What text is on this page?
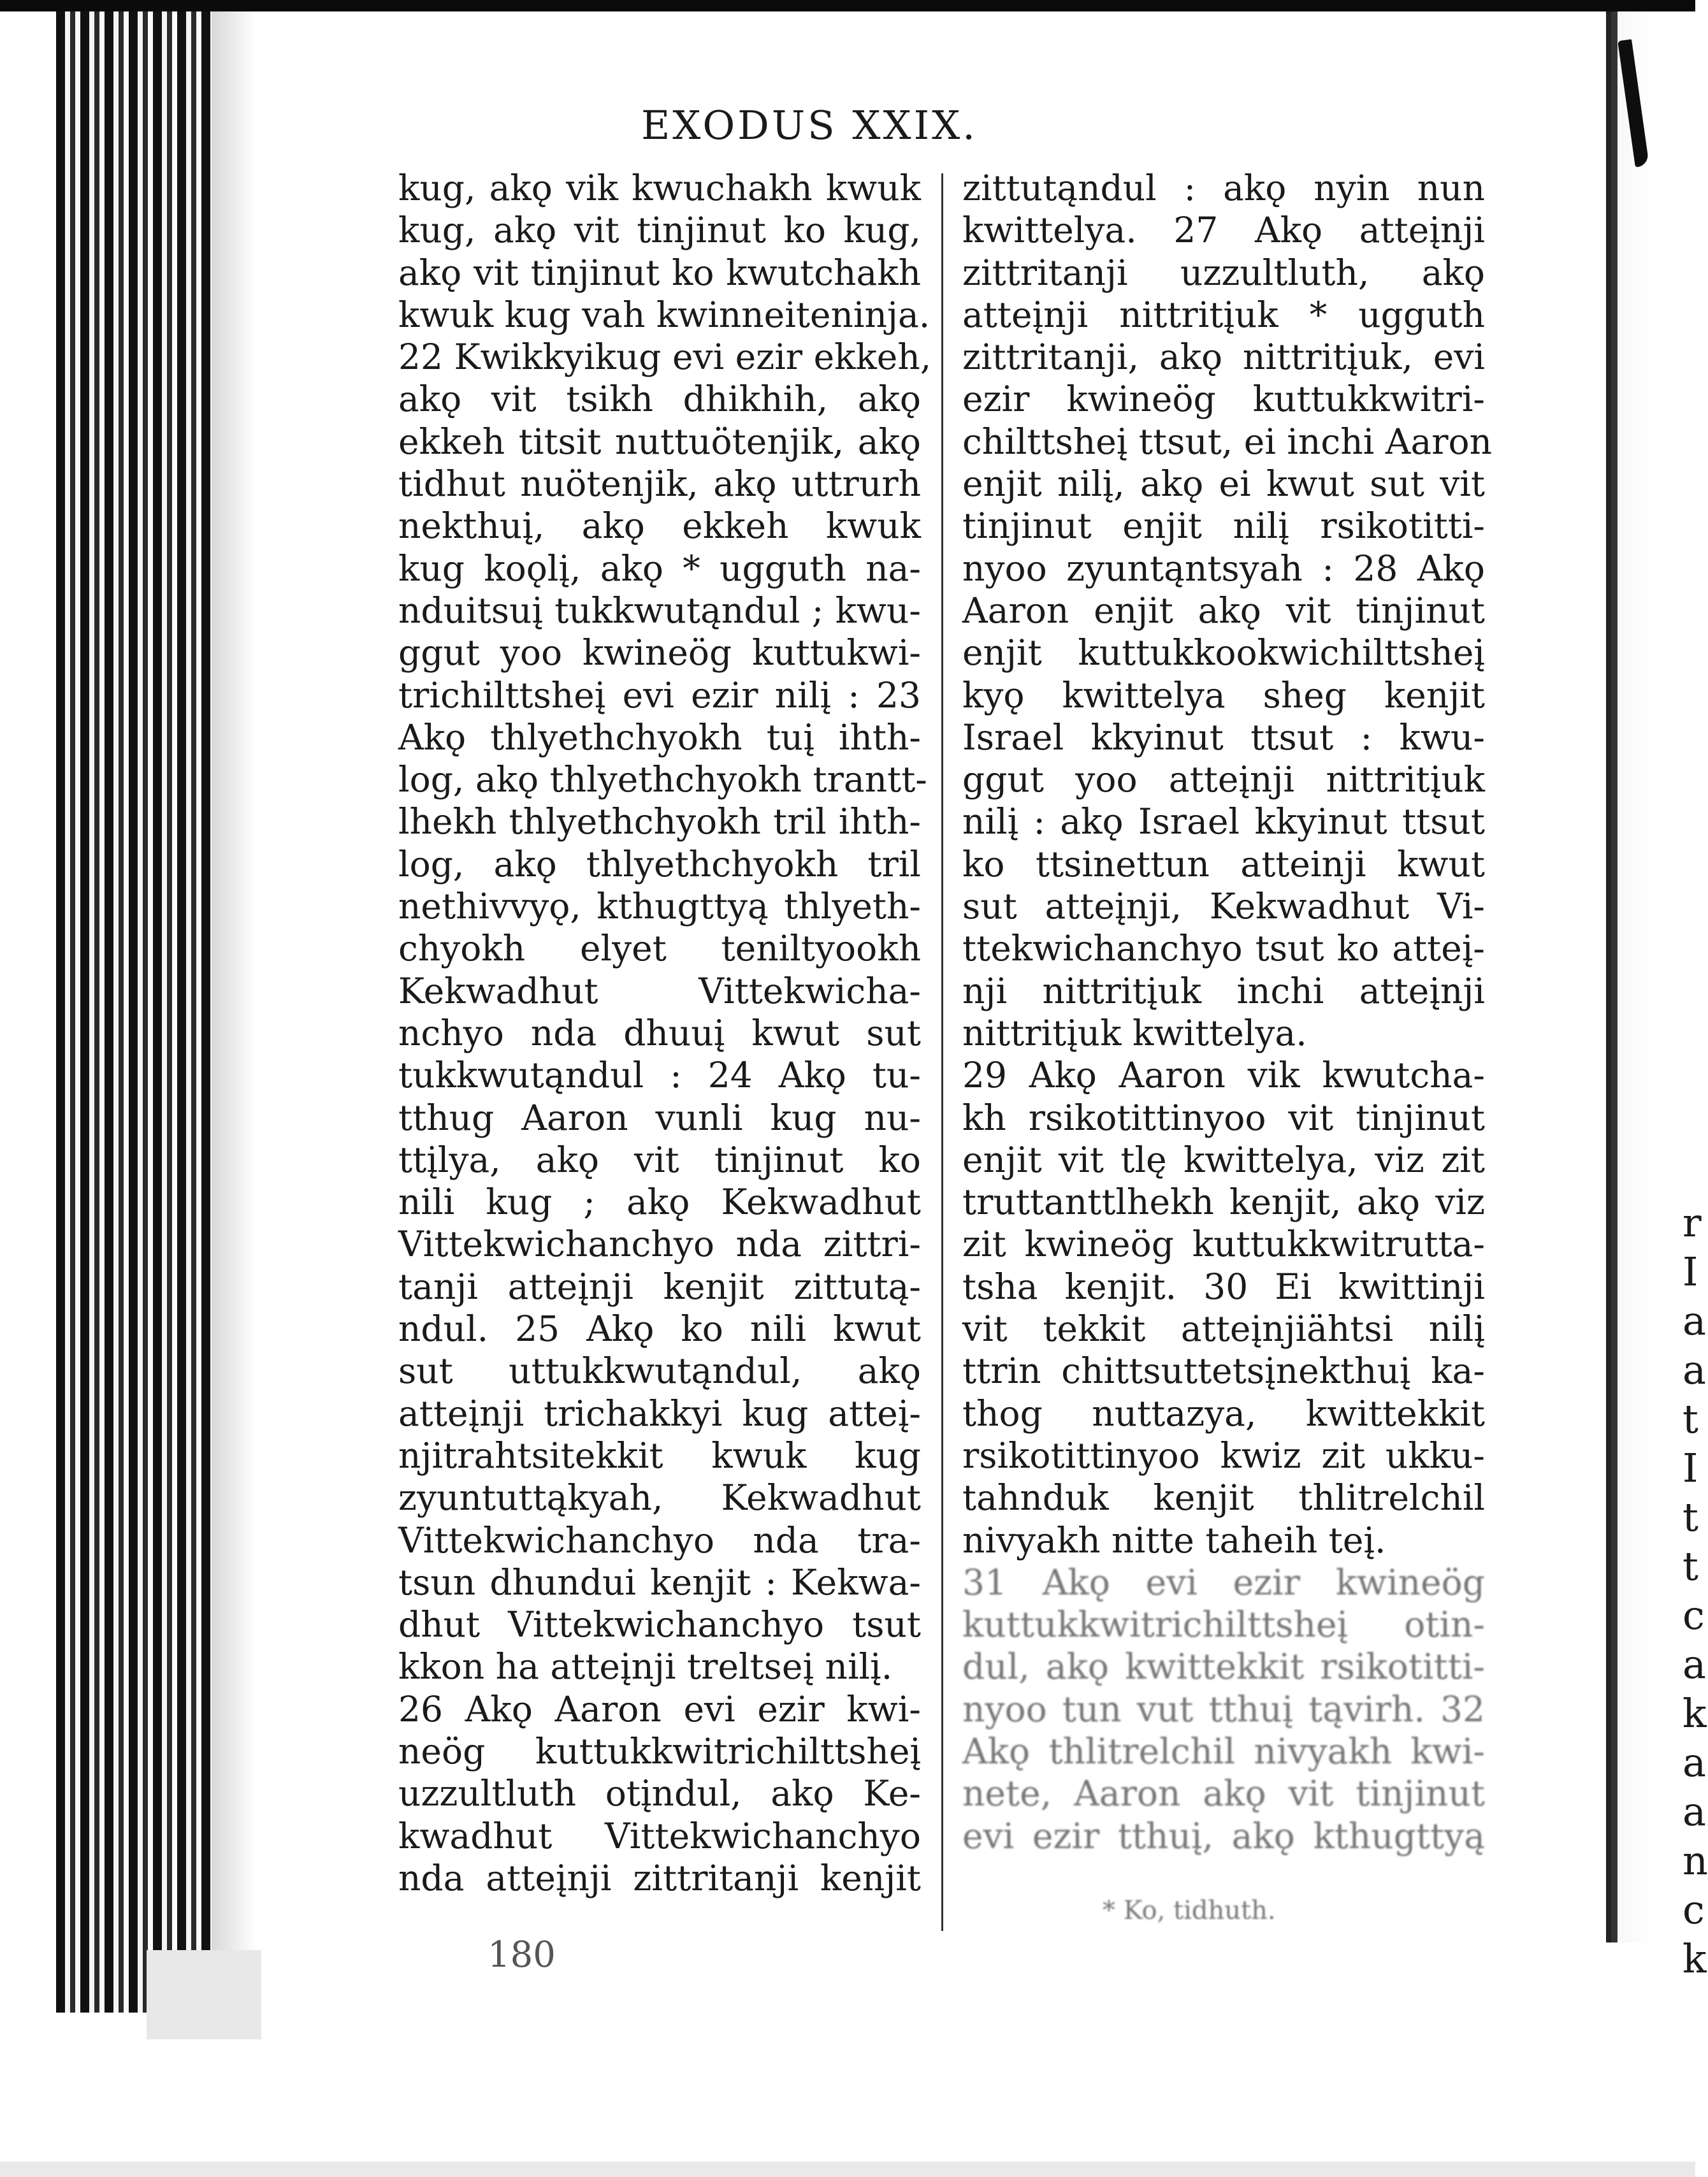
r
I
a
a
t
I
t
t
c
a
k
a
a
n
c
k
EXODUS XXIX.
kug, akǫ vik kwuchakh kwuk
kug, akǫ vit tinjinut ko kug,
akǫ vit tinjinut ko kwutchakh
kwuk kug vah kwinneiteninja.
22 Kwikkyikug evi ezir ekkeh,
akǫ vit tsikh dhikhih, akǫ
ekkeh titsit nuttuötenjik, akǫ
tidhut nuötenjik, akǫ uttrurh
nekthuį, akǫ ekkeh kwuk
kug koǫlį, akǫ * ugguth na-
nduitsuį tukkwutąndul ; kwu-
ggut yoo kwineög kuttukwi-
trichilttsheį evi ezir nilį : 23
Akǫ thlyethchyokh tuį ihth-
log, akǫ thlyethchyokh trantt-
lhekh thlyethchyokh tril ihth-
log, akǫ thlyethchyokh tril
nethivvyǫ, kthugttyą thlyeth-
chyokh elyet teniltyookh
Kekwadhut Vittekwicha-
nchyo nda dhuuį kwut sut
tukkwutąndul : 24 Akǫ tu-
tthug Aaron vunli kug nu-
ttįlya, akǫ vit tinjinut ko
nili kug ; akǫ Kekwadhut
Vittekwichanchyo nda zittri-
tanji atteįnji kenjit zittutą-
ndul. 25 Akǫ ko nili kwut
sut uttukkwutąndul, akǫ
atteįnji trichakkyi kug atteį-
njitrahtsitekkit kwuk kug
zyuntuttąkyah, Kekwadhut
Vittekwichanchyo nda tra-
tsun dhundui kenjit : Kekwa-
dhut Vittekwichanchyo tsut
kkon ha atteįnji treltseį nilį.
26 Akǫ Aaron evi ezir kwi-
neög kuttukkwitrichilttsheį
uzzultluth otįndul, akǫ Ke-
kwadhut Vittekwichanchyo
nda atteįnji zittritanji kenjit
zittutąndul : akǫ nyin nun
kwittelya. 27 Akǫ atteįnji
zittritanji uzzultluth, akǫ
atteįnji nittritįuk * ugguth
zittritanji, akǫ nittritįuk, evi
ezir kwineög kuttukkwitri-
chilttsheį ttsut, ei inchi Aaron
enjit nilį, akǫ ei kwut sut vit
tinjinut enjit nilį rsikotitti-
nyoo zyuntąntsyah : 28 Akǫ
Aaron enjit akǫ vit tinjinut
enjit kuttukkookwichilttsheį
kyǫ kwittelya sheg kenjit
Israel kkyinut ttsut : kwu-
ggut yoo atteįnji nittritįuk
nilį : akǫ Israel kkyinut ttsut
ko ttsinettun atteinji kwut
sut atteįnji, Kekwadhut Vi-
ttekwichanchyo tsut ko atteį-
nji nittritįuk inchi atteįnji
nittritįuk kwittelya.
29 Akǫ Aaron vik kwutcha-
kh rsikotittinyoo vit tinjinut
enjit vit tlę kwittelya, viz zit
truttanttlhekh kenjit, akǫ viz
zit kwineög kuttukkwitrutta-
tsha kenjit. 30 Ei kwittinji
vit tekkit atteįnjiähtsi nilį
ttrin chittsuttetsįnekthuį ka-
thog nuttazya, kwittekkit
rsikotittinyoo kwiz zit ukku-
tahnduk kenjit thlitrelchil
nivyakh nitte taheih teį.
31 Akǫ evi ezir kwineög
kuttukkwitrichilttsheį otin-
dul, akǫ kwittekkit rsikotitti-
nyoo tun vut tthuį tąvirh. 32
Akǫ thlitrelchil nivyakh kwi-
nete, Aaron akǫ vit tinjinut
evi ezir tthuį, akǫ kthugttyą
* Ko, tidhuth.
180
